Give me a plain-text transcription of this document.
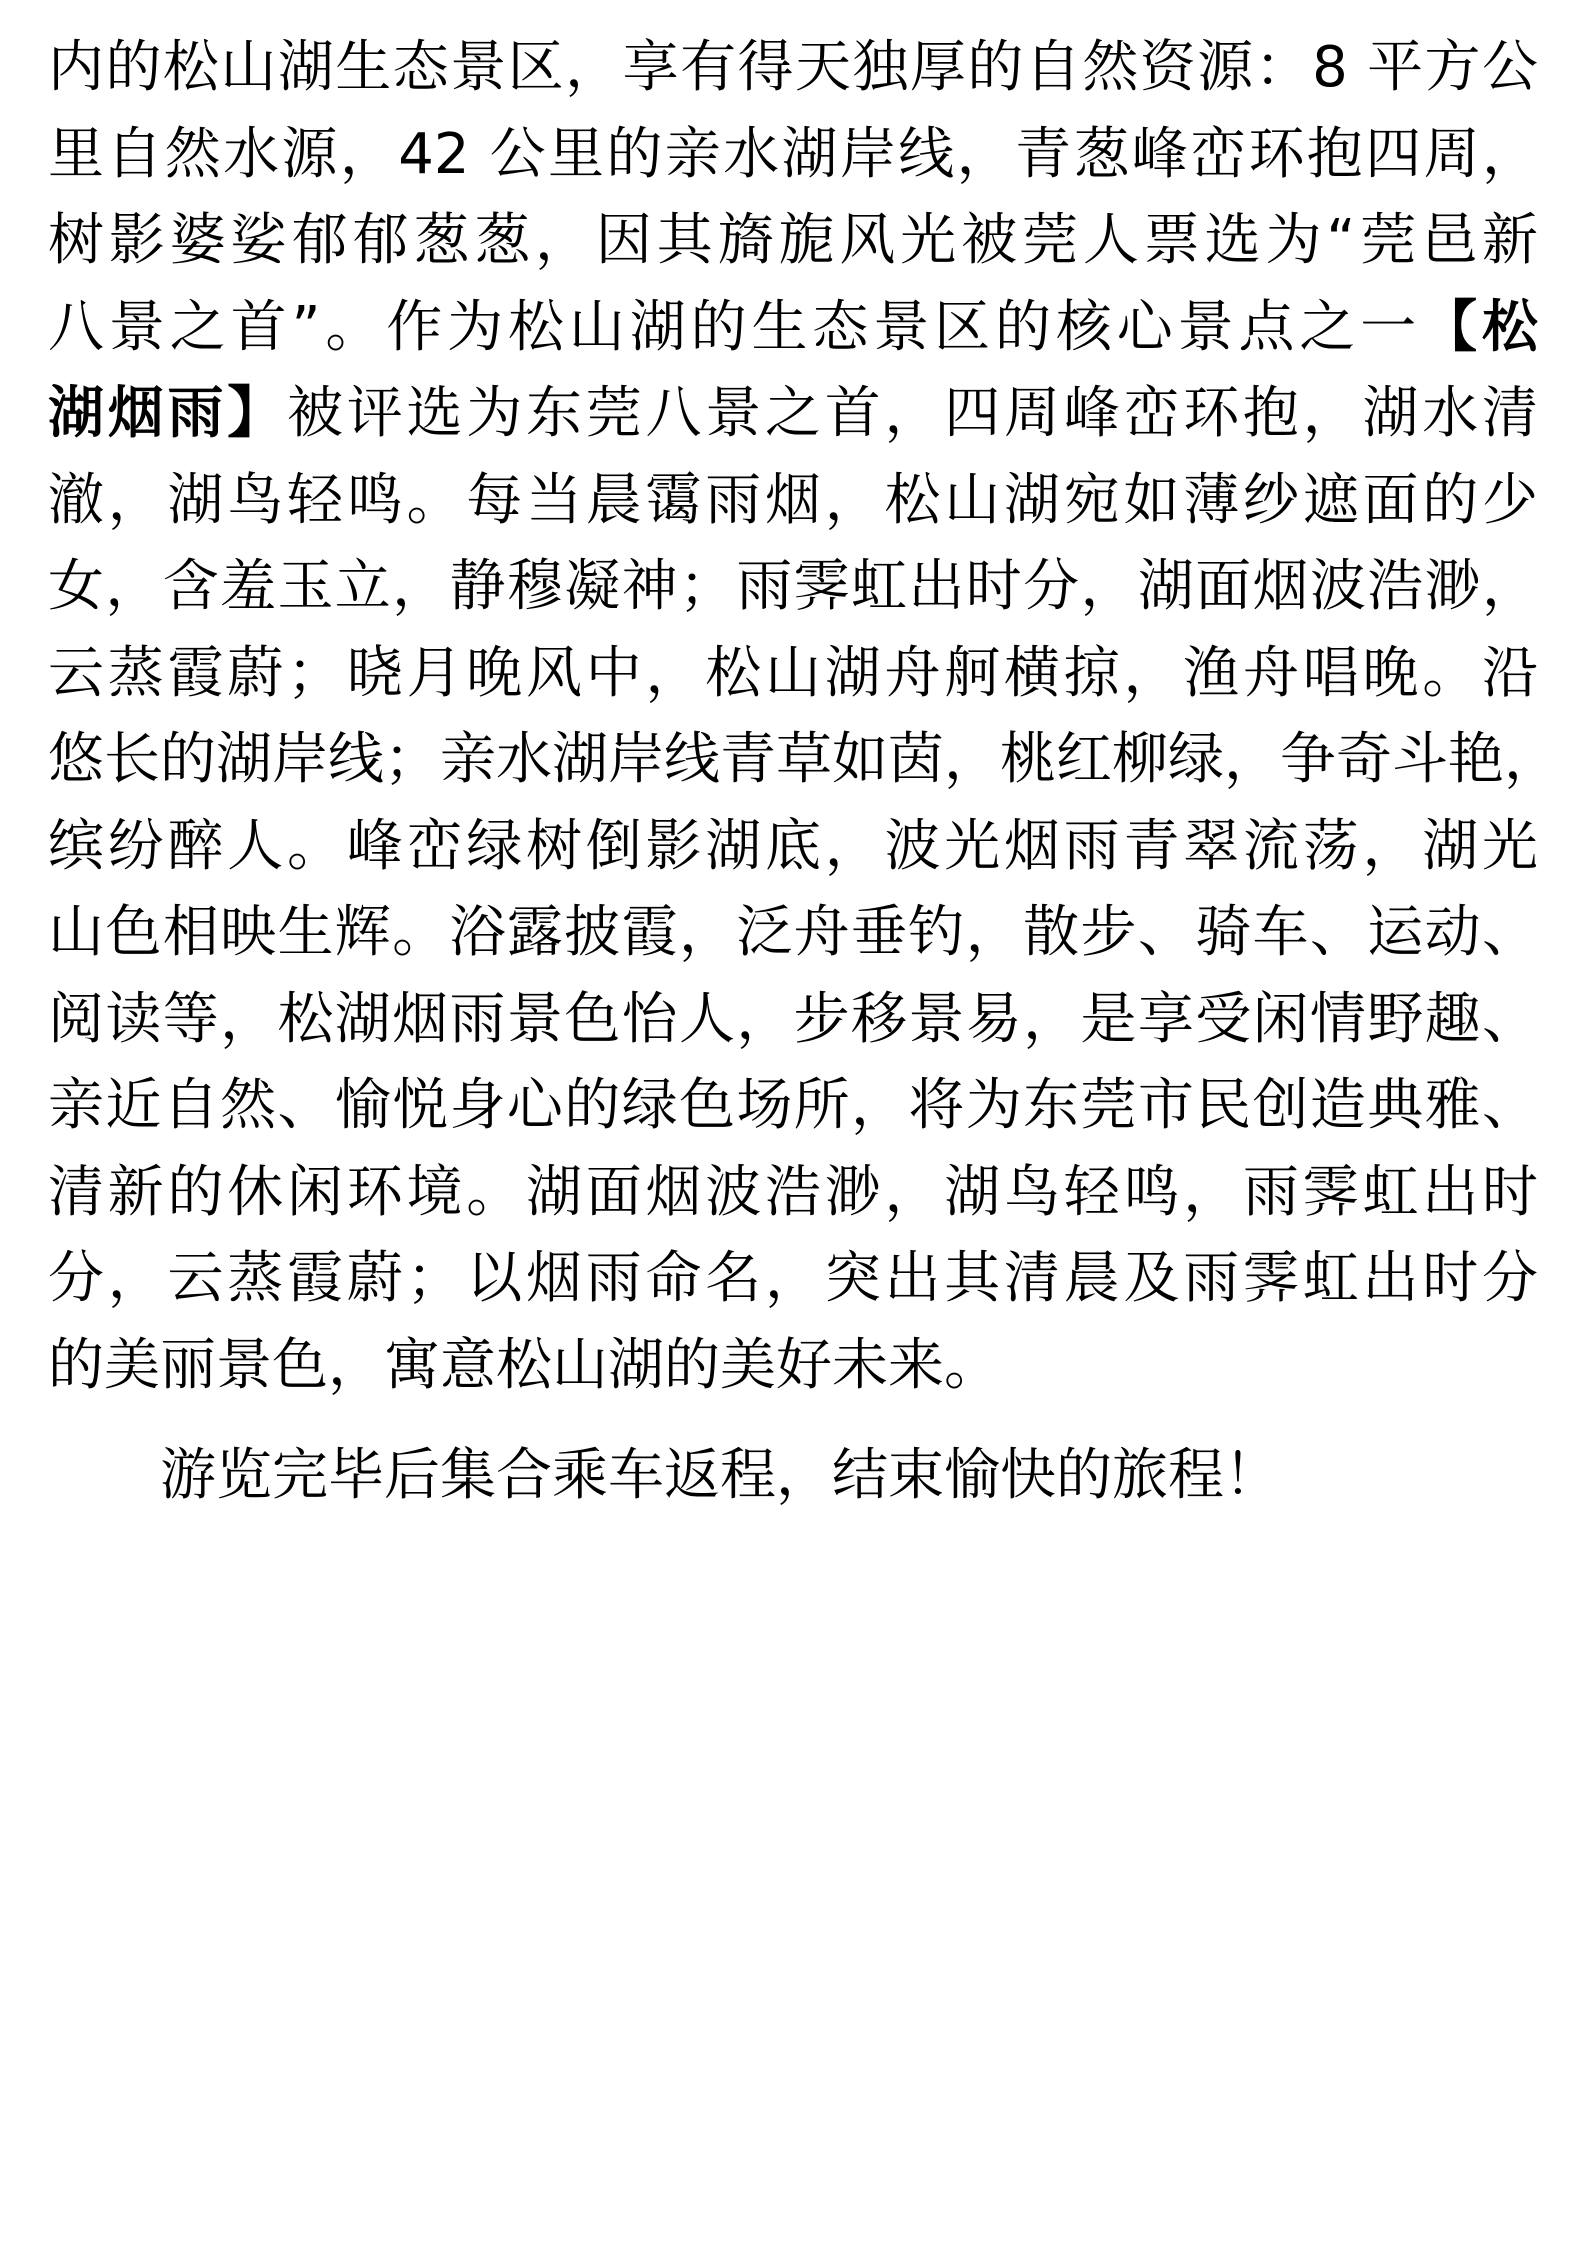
内的松山湖生态景区，享有得天独厚的自然资源：8 平方公
里自然水源，42 公里的亲水湖岸线，青葱峰峦环抱四周，
树影婆娑郁郁葱葱，因其旖旎风光被莞人票选为“莞邑新
八景之首”。作为松山湖的生态景区的核心景点之一【松
湖烟雨】被评选为东莞八景之首，四周峰峦环抱，湖水清
澈，湖鸟轻鸣。每当晨霭雨烟，松山湖宛如薄纱遮面的少
女，含羞玉立，静穆凝神；雨霁虹出时分，湖面烟波浩渺，
云蒸霞蔚；晓月晚风中，松山湖舟舸横掠，渔舟唱晚。沿
悠长的湖岸线；亲水湖岸线青草如茵，桃红柳绿，争奇斗艳，
缤纷醉人。峰峦绿树倒影湖底，波光烟雨青翠流荡，湖光
山色相映生辉。浴露披霞，泛舟垂钓，散步、骑车、运动、
阅读等，松湖烟雨景色怡人，步移景易，是享受闲情野趣、
亲近自然、愉悦身心的绿色场所，将为东莞市民创造典雅、
清新的休闲环境。湖面烟波浩渺，湖鸟轻鸣，雨霁虹出时
分，云蒸霞蔚；以烟雨命名，突出其清晨及雨霁虹出时分
的美丽景色，寓意松山湖的美好未来。
游览完毕后集合乘车返程，结束愉快的旅程！
